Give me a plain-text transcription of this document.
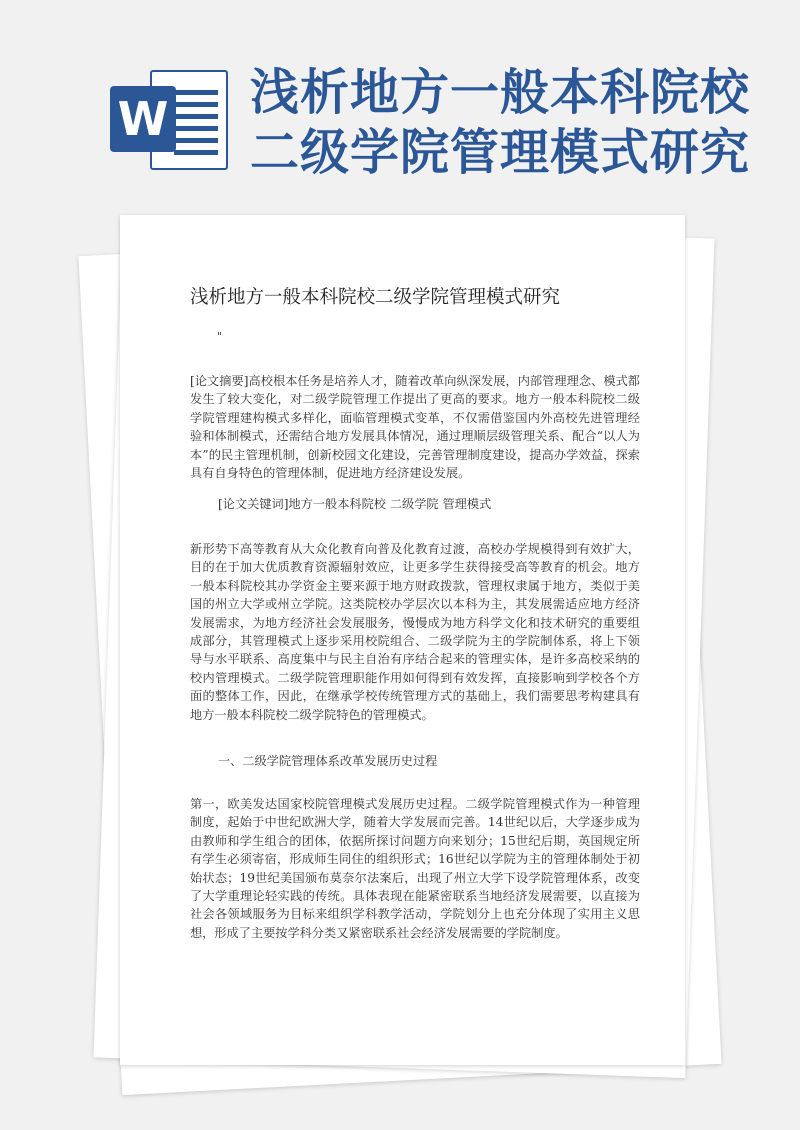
W 浅析地方一般本科院校
二级学院管理模式研究
浅析地方一般本科院校二级学院管理模式研究
"

[论文摘要]高校根本任务是培养人才，随着改革向纵深发展，内部管理理念、模式都发生了较大变化，对二级学院管理工作提出了更高的要求。地方一般本科院校二级学院管理建构模式多样化，面临管理模式变革，不仅需借鉴国内外高校先进管理经验和体制模式，还需结合地方发展具体情况，通过理顺层级管理关系、配合“以人为本”的民主管理机制，创新校园文化建设，完善管理制度建设，提高办学效益，探索具有自身特色的管理体制，促进地方经济建设发展。

[论文关键词]地方一般本科院校 二级学院 管理模式

新形势下高等教育从大众化教育向普及化教育过渡，高校办学规模得到有效扩大，目的在于加大优质教育资源辐射效应，让更多学生获得接受高等教育的机会。地方一般本科院校其办学资金主要来源于地方财政拨款，管理权隶属于地方，类似于美国的州立大学或州立学院。这类院校办学层次以本科为主，其发展需适应地方经济发展需求，为地方经济社会发展服务，慢慢成为地方科学文化和技术研究的重要组成部分，其管理模式上逐步采用校院组合、二级学院为主的学院制体系，将上下领导与水平联系、高度集中与民主自治有序结合起来的管理实体，是许多高校采纳的校内管理模式。二级学院管理职能作用如何得到有效发挥，直接影响到学校各个方面的整体工作，因此，在继承学校传统管理方式的基础上，我们需要思考构建具有地方一般本科院校二级学院特色的管理模式。

一、二级学院管理体系改革发展历史过程

第一，欧美发达国家校院管理模式发展历史过程。二级学院管理模式作为一种管理制度，起始于中世纪欧洲大学，随着大学发展而完善。14世纪以后，大学逐步成为由教师和学生组合的团体，依据所探讨问题方向来划分；15世纪后期，英国规定所有学生必须寄宿，形成师生同住的组织形式；16世纪以学院为主的管理体制处于初始状态；19世纪美国颁布莫奈尔法案后，出现了州立大学下设学院管理体系，改变了大学重理论轻实践的传统。具体表现在能紧密联系当地经济发展需要，以直接为社会各领域服务为目标来组织学科教学活动，学院划分上也充分体现了实用主义思想，形成了主要按学科分类又紧密联系社会经济发展需要的学院制度。
